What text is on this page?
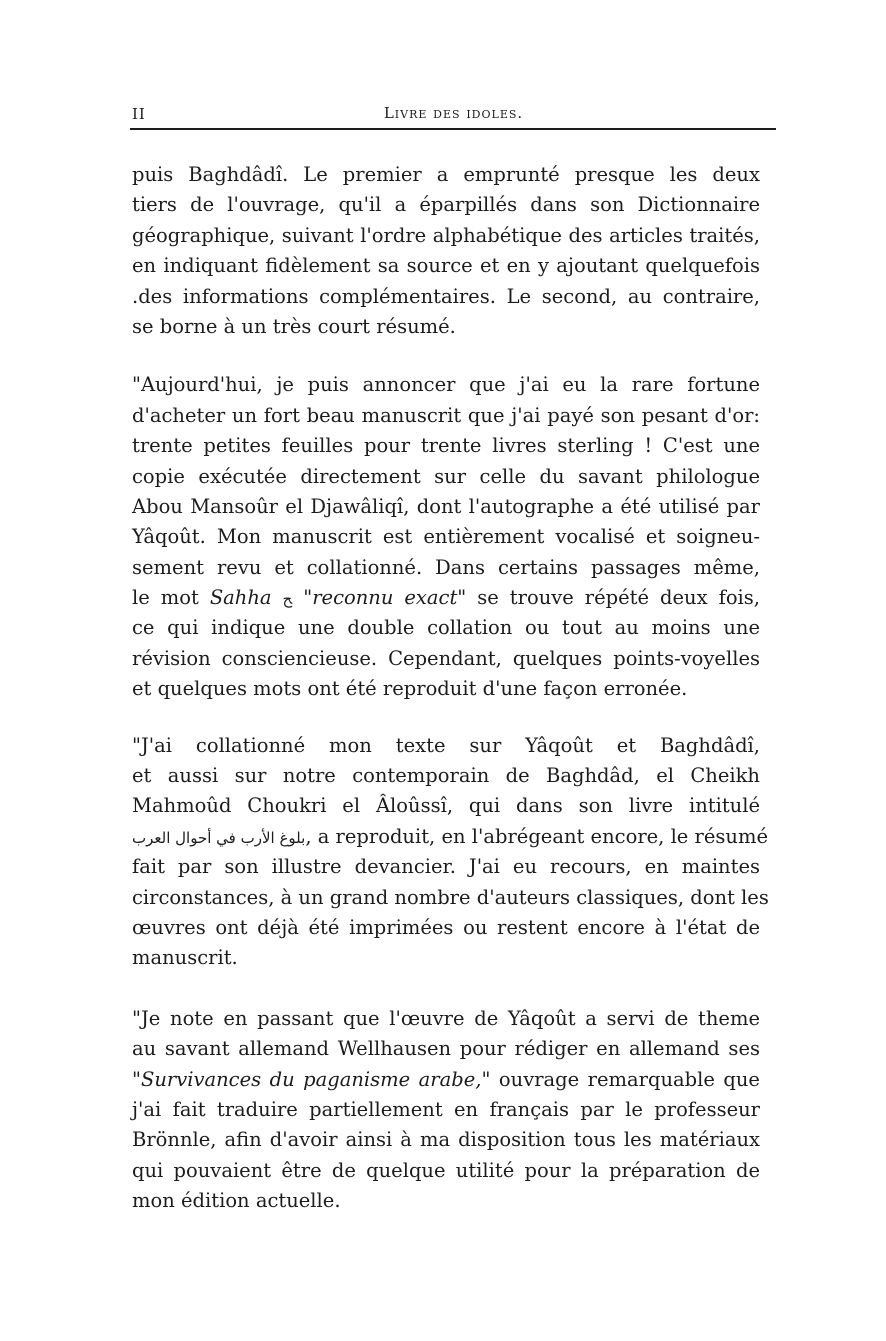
II	Livre des idoles.
puis Baghdâdî. Le premier a emprunté presque les deux
tiers de l'ouvrage, qu'il a éparpillés dans son Dictionnaire
géographique, suivant l'ordre alphabétique des articles traités,
en indiquant fidèlement sa source et en y ajoutant quelquefois
.des informations complémentaires. Le second, au contraire,
se borne à un très court résumé.
"Aujourd'hui, je puis annoncer que j'ai eu la rare fortune
d'acheter un fort beau manuscrit que j'ai payé son pesant d'or:
trente petites feuilles pour trente livres sterling ! C'est une
copie exécutée directement sur celle du savant philologue
Abou Mansoûr el Djawâliqî, dont l'autographe a été utilisé par
Yâqoût. Mon manuscrit est entièrement vocalisé et soigneu-
sement revu et collationné. Dans certains passages même,
le mot Sahha ﺢ "reconnu exact" se trouve répété deux fois,
ce qui indique une double collation ou tout au moins une
révision consciencieuse. Cependant, quelques points-voyelles
et quelques mots ont été reproduit d'une façon erronée.
"J'ai collationné mon texte sur Yâqoût et Baghdâdî,
et aussi sur notre contemporain de Baghdâd, el Cheikh
Mahmoûd Choukri el Âloûssî, qui dans son livre intitulé
بلوغ الأرب في أحوال العرب, a reproduit, en l'abrégeant encore, le résumé
fait par son illustre devancier. J'ai eu recours, en maintes
circonstances, à un grand nombre d'auteurs classiques, dont les
œuvres ont déjà été imprimées ou restent encore à l'état de
manuscrit.
"Je note en passant que l'œuvre de Yâqoût a servi de theme
au savant allemand Wellhausen pour rédiger en allemand ses
"Survivances du paganisme arabe," ouvrage remarquable que
j'ai fait traduire partiellement en français par le professeur
Brönnle, afin d'avoir ainsi à ma disposition tous les matériaux
qui pouvaient être de quelque utilité pour la préparation de
mon édition actuelle.
